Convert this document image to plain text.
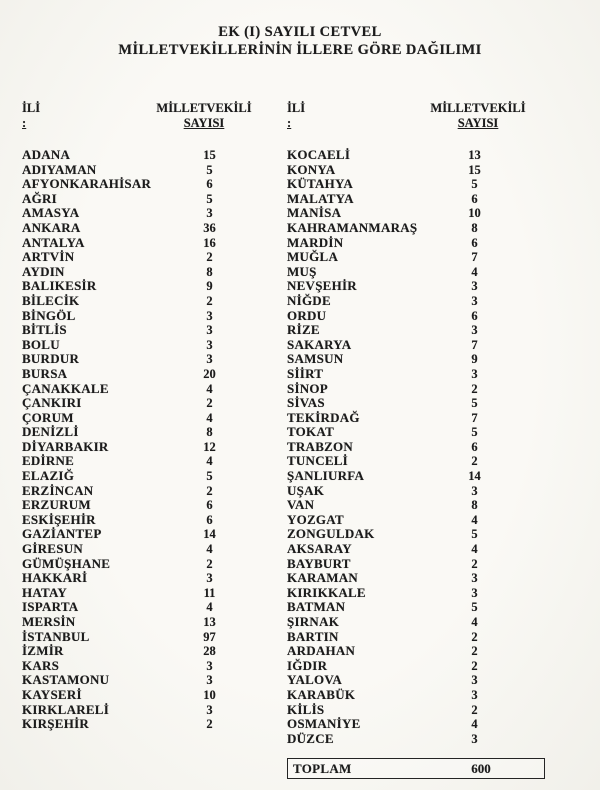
EK (I) SAYILI CETVEL
MİLLETVEKİLLERİNİN İLLERE GÖRE DAĞILIMI
İLİ
:
MİLLETVEKİLİ
SAYISI
İLİ
:
MİLLETVEKİLİ
SAYISI
ADANA	15
ADIYAMAN	5
AFYONKARAHİSAR	6
AĞRI	5
AMASYA	3
ANKARA	36
ANTALYA	16
ARTVİN	2
AYDIN	8
BALIKESİR	9
BİLECİK	2
BİNGÖL	3
BİTLİS	3
BOLU	3
BURDUR	3
BURSA	20
ÇANAKKALE	4
ÇANKIRI	2
ÇORUM	4
DENİZLİ	8
DİYARBAKIR	12
EDİRNE	4
ELAZIĞ	5
ERZİNCAN	2
ERZURUM	6
ESKİŞEHİR	6
GAZİANTEP	14
GİRESUN	4
GÜMÜŞHANE	2
HAKKARİ	3
HATAY	11
ISPARTA	4
MERSİN	13
İSTANBUL	97
İZMİR	28
KARS	3
KASTAMONU	3
KAYSERİ	10
KIRKLARELİ	3
KIRŞEHİR	2
KOCAELİ	13
KONYA	15
KÜTAHYA	5
MALATYA	6
MANİSA	10
KAHRAMANMARAŞ	8
MARDİN	6
MUĞLA	7
MUŞ	4
NEVŞEHİR	3
NİĞDE	3
ORDU	6
RİZE	3
SAKARYA	7
SAMSUN	9
SİİRT	3
SİNOP	2
SİVAS	5
TEKİRDAĞ	7
TOKAT	5
TRABZON	6
TUNCELİ	2
ŞANLIURFA	14
UŞAK	3
VAN	8
YOZGAT	4
ZONGULDAK	5
AKSARAY	4
BAYBURT	2
KARAMAN	3
KIRIKKALE	3
BATMAN	5
ŞIRNAK	4
BARTIN	2
ARDAHAN	2
IĞDIR	2
YALOVA	3
KARABÜK	3
KİLİS	2
OSMANİYE	4
DÜZCE	3
TOPLAM	600
